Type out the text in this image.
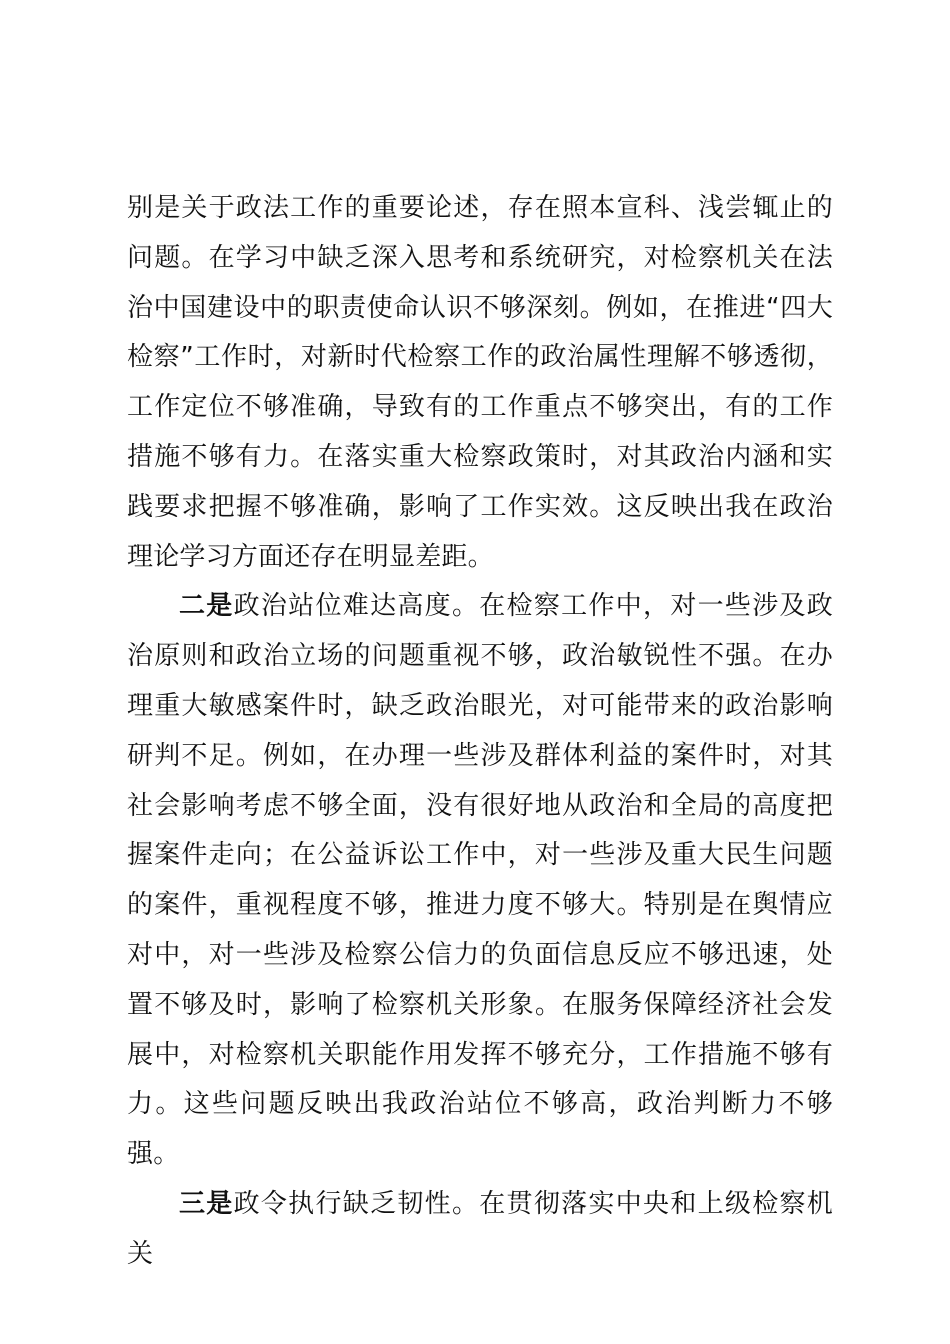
别是关于政法工作的重要论述，存在照本宣科、浅尝辄止的问题。在学习中缺乏深入思考和系统研究，对检察机关在法治中国建设中的职责使命认识不够深刻。例如，在推进“四大检察”工作时，对新时代检察工作的政治属性理解不够透彻，工作定位不够准确，导致有的工作重点不够突出，有的工作措施不够有力。在落实重大检察政策时，对其政治内涵和实践要求把握不够准确，影响了工作实效。这反映出我在政治理论学习方面还存在明显差距。

二是政治站位难达高度。在检察工作中，对一些涉及政治原则和政治立场的问题重视不够，政治敏锐性不强。在办理重大敏感案件时，缺乏政治眼光，对可能带来的政治影响研判不足。例如，在办理一些涉及群体利益的案件时，对其社会影响考虑不够全面，没有很好地从政治和全局的高度把握案件走向；在公益诉讼工作中，对一些涉及重大民生问题的案件，重视程度不够，推进力度不够大。特别是在舆情应对中，对一些涉及检察公信力的负面信息反应不够迅速，处置不够及时，影响了检察机关形象。在服务保障经济社会发展中，对检察机关职能作用发挥不够充分，工作措施不够有力。这些问题反映出我政治站位不够高，政治判断力不够强。

三是政令执行缺乏韧性。在贯彻落实中央和上级检察机关
